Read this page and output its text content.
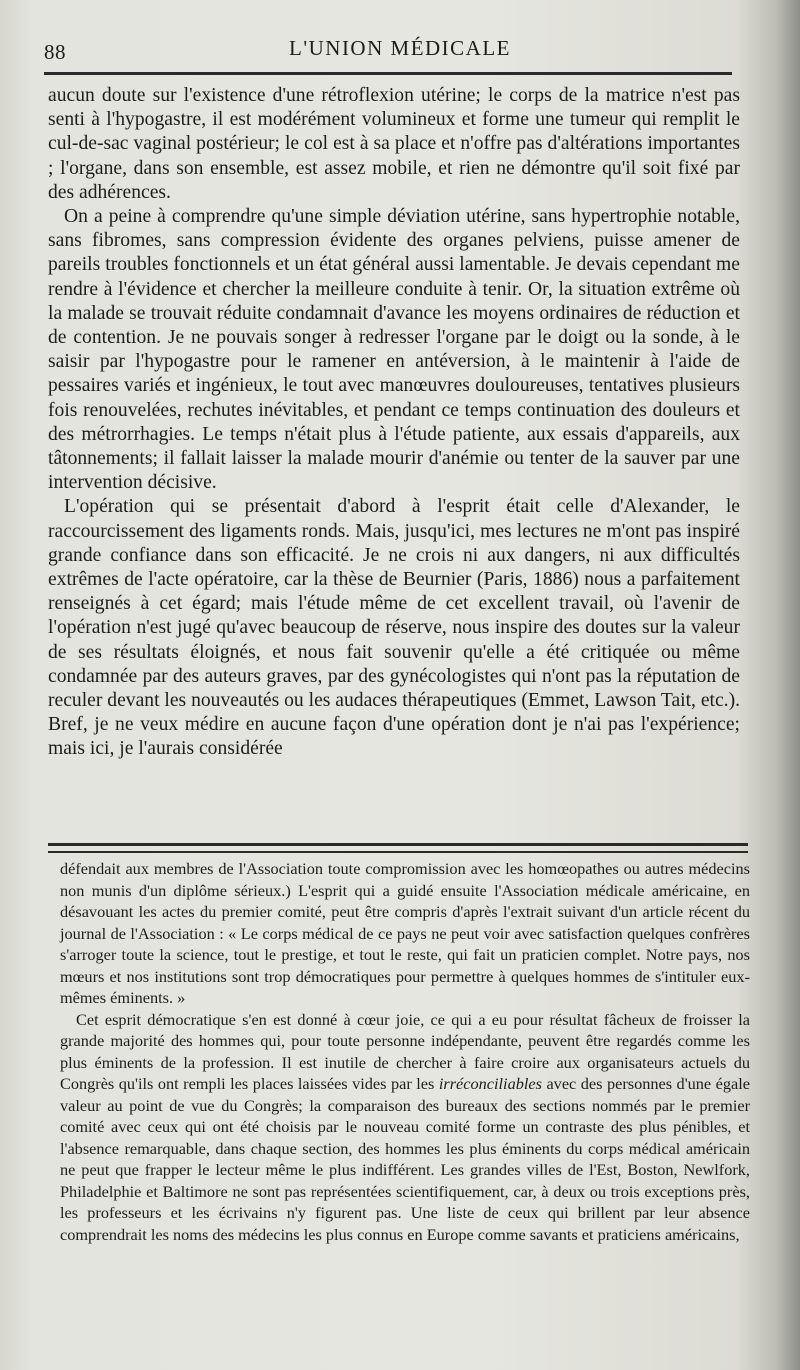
88	L'UNION MÉDICALE

aucun doute sur l'existence d'une rétroflexion utérine; le corps de la matrice n'est pas senti à l'hypogastre, il est modérément volumineux et forme une tumeur qui remplit le cul-de-sac vaginal postérieur; le col est à sa place et n'offre pas d'altérations importantes ; l'organe, dans son ensemble, est assez mobile, et rien ne démontre qu'il soit fixé par des adhérences.

On a peine à comprendre qu'une simple déviation utérine, sans hypertrophie notable, sans fibromes, sans compression évidente des organes pelviens, puisse amener de pareils troubles fonctionnels et un état général aussi lamentable. Je devais cependant me rendre à l'évidence et chercher la meilleure conduite à tenir. Or, la situation extrême où la malade se trouvait réduite condamnait d'avance les moyens ordinaires de réduction et de contention. Je ne pouvais songer à redresser l'organe par le doigt ou la sonde, à le saisir par l'hypogastre pour le ramener en antéversion, à le maintenir à l'aide de pessaires variés et ingénieux, le tout avec manœuvres douloureuses, tentatives plusieurs fois renouvelées, rechutes inévitables, et pendant ce temps continuation des douleurs et des métrorrhagies. Le temps n'était plus à l'étude patiente, aux essais d'appareils, aux tâtonnements; il fallait laisser la malade mourir d'anémie ou tenter de la sauver par une intervention décisive.

L'opération qui se présentait d'abord à l'esprit était celle d'Alexander, le raccourcissement des ligaments ronds. Mais, jusqu'ici, mes lectures ne m'ont pas inspiré grande confiance dans son efficacité. Je ne crois ni aux dangers, ni aux difficultés extrêmes de l'acte opératoire, car la thèse de Beurnier (Paris, 1886) nous a parfaitement renseignés à cet égard; mais l'étude même de cet excellent travail, où l'avenir de l'opération n'est jugé qu'avec beaucoup de réserve, nous inspire des doutes sur la valeur de ses résultats éloignés, et nous fait souvenir qu'elle a été critiquée ou même condamnée par des auteurs graves, par des gynécologistes qui n'ont pas la réputation de reculer devant les nouveautés ou les audaces thérapeutiques (Emmet, Lawson Tait, etc.). Bref, je ne veux médire en aucune façon d'une opération dont je n'ai pas l'expérience; mais ici, je l'aurais considérée

défendait aux membres de l'Association toute compromission avec les homœopathes ou autres médecins non munis d'un diplôme sérieux.) L'esprit qui a guidé ensuite l'Association médicale américaine, en désavouant les actes du premier comité, peut être compris d'après l'extrait suivant d'un article récent du journal de l'Association : « Le corps médical de ce pays ne peut voir avec satisfaction quelques confrères s'arroger toute la science, tout le prestige, et tout le reste, qui fait un praticien complet. Notre pays, nos mœurs et nos institutions sont trop démocratiques pour permettre à quelques hommes de s'intituler eux-mêmes éminents. »

Cet esprit démocratique s'en est donné à cœur joie, ce qui a eu pour résultat fâcheux de froisser la grande majorité des hommes qui, pour toute personne indépendante, peuvent être regardés comme les plus éminents de la profession. Il est inutile de chercher à faire croire aux organisateurs actuels du Congrès qu'ils ont rempli les places laissées vides par les irréconciliables avec des personnes d'une égale valeur au point de vue du Congrès; la comparaison des bureaux des sections nommés par le premier comité avec ceux qui ont été choisis par le nouveau comité forme un contraste des plus pénibles, et l'absence remarquable, dans chaque section, des hommes les plus éminents du corps médical américain ne peut que frapper le lecteur même le plus indifférent. Les grandes villes de l'Est, Boston, Newlfork, Philadelphie et Baltimore ne sont pas représentées scientifiquement, car, à deux ou trois exceptions près, les professeurs et les écrivains n'y figurent pas. Une liste de ceux qui brillent par leur absence comprendrait les noms des médecins les plus connus en Europe comme savants et praticiens américains,
